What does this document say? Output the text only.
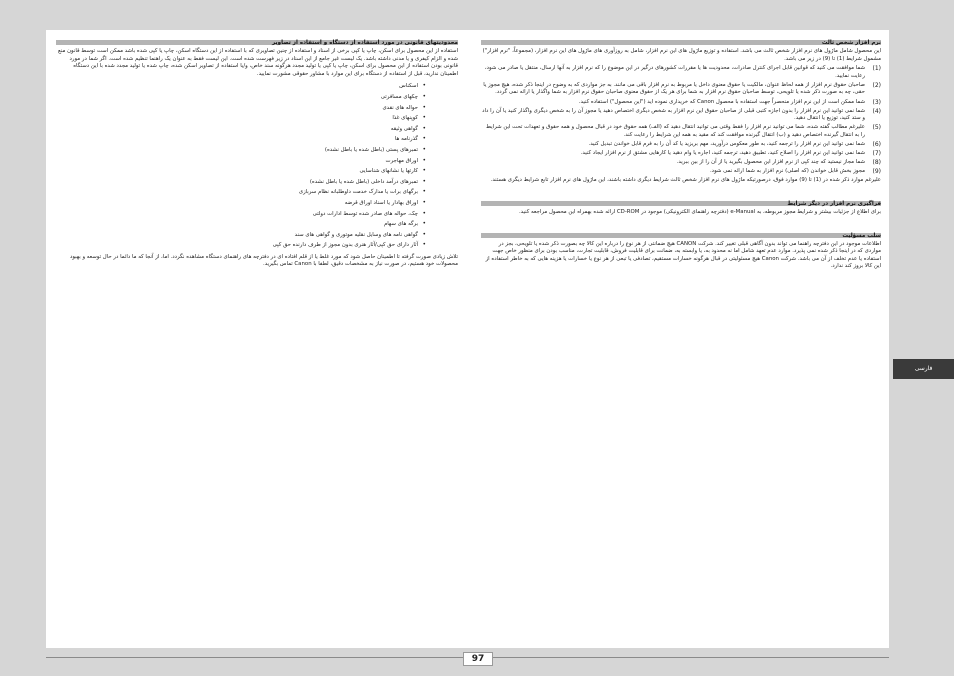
نرم افزار شخص ثالث

این محصول شامل ماژول های نرم افزار شخص ثالث می باشد. استفاده و توزیع ماژول های این نرم افزار، شامل به روزآوری های ماژول های این نرم افزار، (مجموعاً، "نرم افزار") مشمول شرایط (1) تا (9) در زیر می باشد.

(1)
شما موافقت می کنید که قوانین قابل اجرای کنترل صادرات، محدودیت ها یا مقررات کشورهای درگیر در این موضوع را که نرم افزار به آنها ارسال، منتقل یا صادر می شود، رعایت نمایید.
(2)
صاحبان حقوق نرم افزار از همه لحاظ عنوان، مالکیت یا حقوق معنوی داخل یا مربوط به نرم افزار باقی می مانند. به جز مواردی که به وضوح در اینجا ذکر شده، هیچ مجوز یا حقی، چه به صورت ذکر شده یا تلویحی، توسط صاحبان حقوق نرم افزار به شما برای هر یک از حقوق معنوی صاحبان حقوق نرم افزار به شما واگذار یا ارائه نمی گردد.
(3)
شما ممکن است از این نرم افزار منحصراً جهت استفاده با محصول Canon که خریداری نموده اید ("این محصول") استفاده کنید.
(4)
شما نمی توانید این نرم افزار را بدون اجازه کتبی قبلی از صاحبان حقوق این نرم افزار به شخص دیگری اختصاص دهید یا مجوز آن را به شخص دیگری واگذار کنید یا آن را داد و ستد کنید، توزیع یا انتقال دهید.
(5)
علیرغم مطالب گفته شده، شما می توانید نرم افزار را فقط وقتی می توانید انتقال دهید که (الف) همه حقوق خود در قبال محصول و همه حقوق و تعهدات تحت این شرایط را به انتقال گیرنده اختصاص دهید و (ب) انتقال گیرنده موافقت کند که مقید به همه این شرایط را رعایت کند.
(6)
شما نمی توانید این نرم افزار را ترجمه کنید، به طور معکوس درآورید، مهم بریزید یا کد آن را به فرم قابل خواندن تبدیل کنید.
(7)
شما نمی توانید این نرم افزار را اصلاح کنید، تطبیق دهید، ترجمه کنید، اجاره یا وام دهید یا کارهایی مشتق از نرم افزار ایجاد کنید.
(8)
شما مجاز نیستید که چند کپی از نرم افزار این محصول بگیرید یا از آن را از بین ببرید.
(9)
مجوز بخش قابل خواندن (که اصلی) نرم افزار به شما ارائه نمی شود.

علیرغم موارد ذکر شده در (1) تا (9) موارد فوق، درصورتیکه ماژول های نرم افزار شخص ثالث شرایط دیگری داشته باشند، این ماژول های نرم افزار تابع شرایط دیگری هستند.

فراگیری نرم افزار در دیگر شرایط

برای اطلاع از جزئیات بیشتر و شرایط مجوز مربوطه، به e-Manual (دفترچه راهنمای الکترونیکی) موجود در CD-ROM ارائه شده بهمراه این محصول مراجعه کنید.

سلب مسؤلیت

اطلاعات موجود در این دفترچه راهنما می تواند بدون آگاهی قبلی تغییر کند. شرکت CANON هیچ ضمانتی از هر نوع را درباره این کالا چه بصورت ذکر شده یا تلویحی، بجز در مواردی که در اینجا ذکر شده نمی پذیرد. موارد عدم تعهد شامل اما نه محدود به، یا وابسته به، ضمانت برای قابلیت فروش، قابلیت تجارت، مناسب بودن برای منظور خاص جهت استفاده یا عدم تخلف از آن می باشد. شرکت Canon هیچ مسئولیتی در قبال هرگونه خسارات مستقیم، تصادفی یا تبعی از هر نوع یا خسارات یا هزینه هایی که به خاطر استفاده از این کالا بروز کند ندارد.

محدودیتهای قانونی در مورد استفاده از دستگاه و استفاده از تصاویر

استفاده از این محصول برای اسکن، چاپ یا کپی برخی از اسناد و استفاده از چنین تصاویری که با استفاده از این دستگاه اسکن، چاپ یا کپی شده باشد ممکن است توسط قانون منع شده و الزام کیفری و یا مدنی داشته باشد. یک لیست غیر جامع از این اسناد در زیر فهرست شده است. این لیست فقط به عنوان یک راهنما تنظیم شده است. اگر شما در مورد قانونی بودن استفاده از این محصول برای اسکن، چاپ یا کپی یا تولید مجدد هرگونه سند خاص، و/یا استفاده از تصاویر اسکن شده، چاپ شده یا تولید مجدد شده با این دستگاه اطمینان ندارید، قبل از استفاده از دستگاه برای این موارد با مشاور حقوقی مشورت نمایید.

• اسکناس
• چکهای مسافرتی
• حواله های نقدی
• کوپنهای غذا
• گواهی وثیقه
• گذرنامه ها
• تمبرهای پستی (باطل شده یا باطل نشده)
• اوراق مهاجرت
• کارتها یا نشانهای شناسایی
• تمبرهای درآمد داخلی (باطل شده یا باطل نشده)
• برگهای برات یا مدارک خدمت داوطلبانه نظام سربازی
• اوراق بهادار یا اسناد اوراق قرضه
• چک، حواله های صادر شده توسط ادارات دولتی
• برگه های سهام
• گواهی نامه های وسایل نقلیه موتوری و گواهی های سند
• آثار دارای حق کپی/آثار هنری بدون مجوز از طرف دارنده حق کپی

تلاش زیادی صورت گرفته تا اطمینان حاصل شود که مورد غلط یا از قلم افتاده ای در دفترچه های راهنمای دستگاه مشاهده نگردد. اما، از آنجا که ما دائما در حال توسعه و بهبود محصولات خود هستیم، در صورت نیاز به مشخصات دقیق، لطفا با Canon تماس بگیرید.

فارسی
97
